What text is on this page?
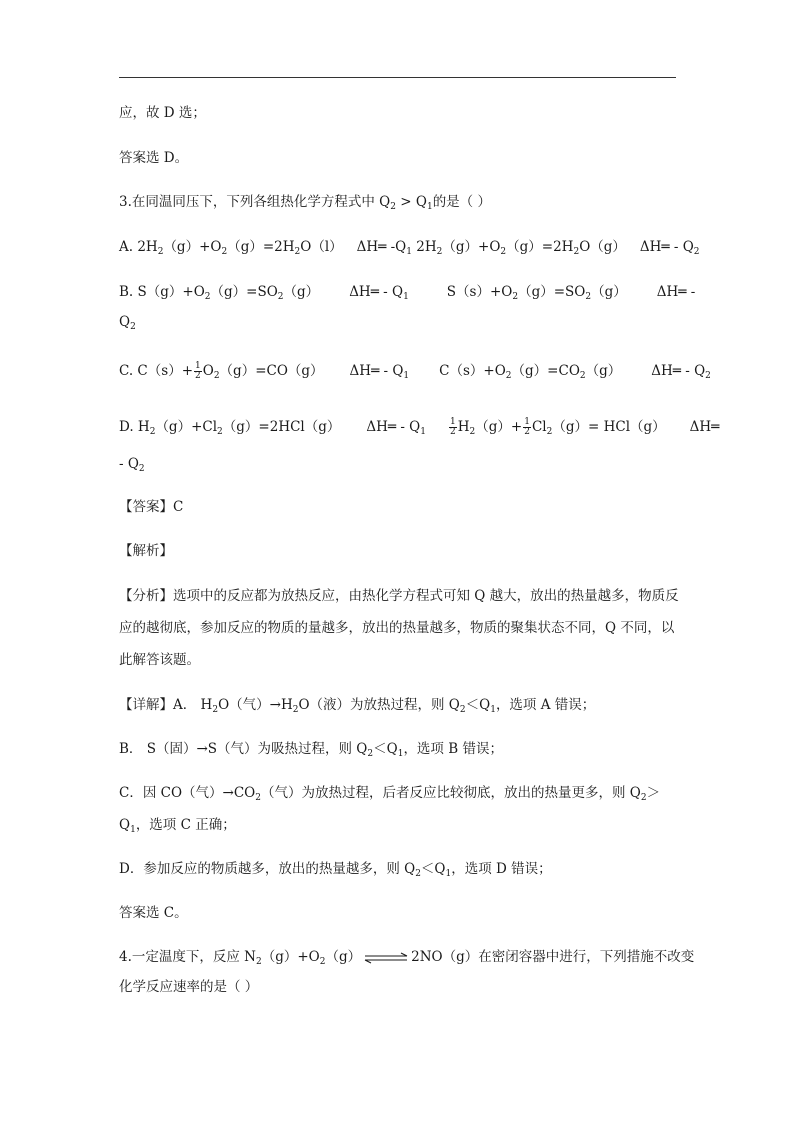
应，故 D 选；
答案选 D。
3.在同温同压下，下列各组热化学方程式中 $Q_2 > Q_1$的是（ ）
A. $2H_2(g)+O_2(g)=2H_2O(l)$ ΔH═ $-Q_1$ $2H_2(g)+O_2(g)=2H_2O(g)$ ΔH═ - $Q_2$
B. $S(g)+O_2(g)=SO_2(g)$ ΔH═ - $Q_1$	$S(s)+O_2(g)=SO_2(g)$ ΔH═ -
$Q_2$
C. $C(s)+ \frac{1}{2} O_2(g)=CO(g)$ ΔH═ - $Q_1$ $C(s)+O_2(g)=CO_2(g)$ ΔH═ - $Q_2$
D. $H_2(g)+Cl_2(g)=2HCl(g)$ ΔH═ - $Q_1$	$\frac{1}{2} H_2(g)+ \frac{1}{2} Cl_2(g)= HCl(g)$ ΔH═
- $Q_2$
【答案】C
【解析】
【分析】选项中的反应都为放热反应，由热化学方程式可知 Q 越大，放出的热量越多，物质反应的越彻底，参加反应的物质的量越多，放出的热量越多，物质的聚集状态不同，Q 不同，以此解答该题。
【详解】A． $H_2O$（气）$\to H_2O$（液）为放热过程，则 $Q_2<Q_1$，选项 A 错误；
B． S（固）→S（气）为吸热过程，则 $Q_2<Q_1$，选项 B 错误；
C．因 CO（气）$\to CO_2$（气）为放热过程，后者反应比较彻底，放出的热量更多，则 $Q_2>$
$Q_1$，选项 C 正确；
D．参加反应的物质越多，放出的热量越多，则 $Q_2<Q_1$，选项 D 错误；
答案选 C。
4.一定温度下，反应 $N_2(g)+O_2(g)$ ⇌ 2NO（g）在密闭容器中进行，下列措施不改变
化学反应速率的是（ ）
